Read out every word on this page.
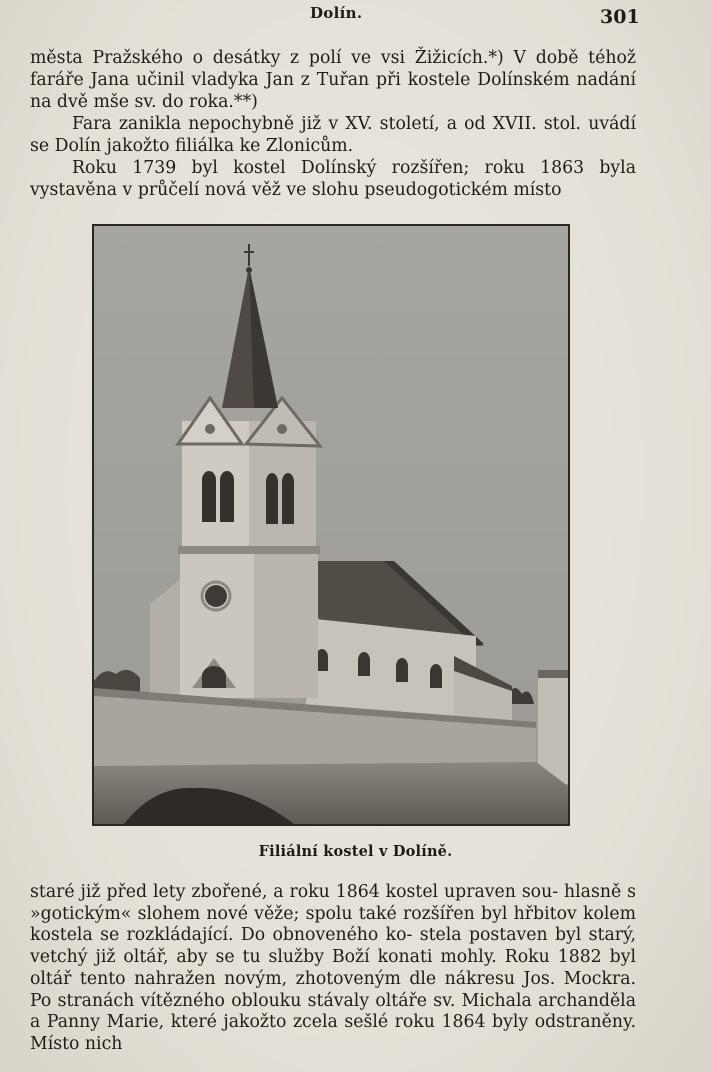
Dolín.	301

města Pražského o desátky z polí ve vsi Žižicích.*) V době téhož faráře Jana učinil vladyka Jan z Tuřan při kostele Dolínském nadání na dvě mše sv. do roka.**)

Fara zanikla nepochybně již v XV. století, a od XVII. stol. uvádí se Dolín jakožto filiálka ke Zlonicům.

Roku 1739 byl kostel Dolínský rozšířen; roku 1863 byla vystavěna v průčelí nová věž ve slohu pseudogotickém místo

Filiální kostel v Dolíně.

staré již před lety zbořené, a roku 1864 kostel upraven sou- hlasně s »gotickým« slohem nové věže; spolu také rozšířen byl hřbitov kolem kostela se rozkládající. Do obnoveného ko- stela postaven byl starý, vetchý již oltář, aby se tu služby Boží konati mohly. Roku 1882 byl oltář tento nahražen novým, zhotoveným dle nákresu Jos. Mockra. Po stranách vítězného oblouku stávaly oltáře sv. Michala archanděla a Panny Marie, které jakožto zcela sešlé roku 1864 byly odstraněny. Místo nich
